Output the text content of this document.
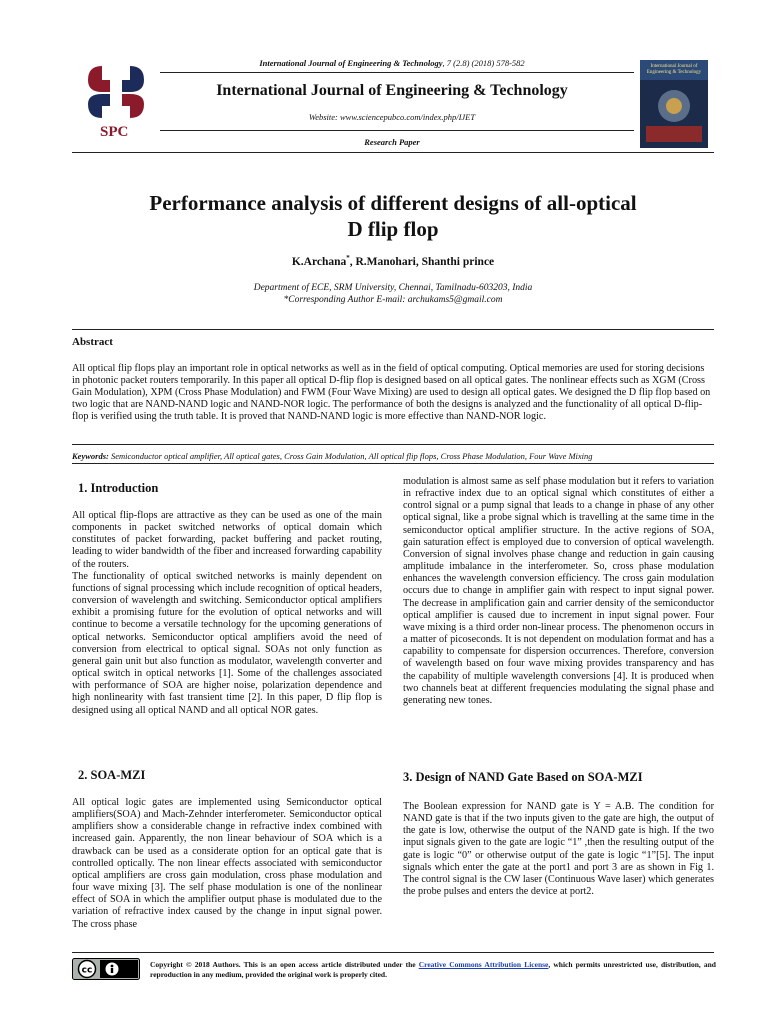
SPC
International Journal of Engineering & Technology
International Journal of Engineering & Technology, 7 (2.8) (2018) 578-582
International Journal of Engineering & Technology
Website: www.sciencepubco.com/index.php/IJET
Research Paper
Performance analysis of different designs of all-optical
D flip flop
K.Archana*, R.Manohari, Shanthi prince
Department of ECE, SRM University, Chennai, Tamilnadu-603203, India
*Corresponding Author E-mail: archukams5@gmail.com
Abstract
All optical flip flops play an important role in optical networks as well as in the field of optical computing. Optical memories are used for storing decisions in photonic packet routers temporarily. In this paper all optical D-flip flop is designed based on all optical gates. The nonlinear effects such as XGM (Cross Gain Modulation), XPM (Cross Phase Modulation) and FWM (Four Wave Mixing) are used to design all optical gates. We designed the D flip flop based on two logic that are NAND-NAND logic and NAND-NOR logic. The performance of both the designs is analyzed and the functionality of all optical D-flip-flop is verified using the truth table. It is proved that NAND-NAND logic is more effective than NAND-NOR logic.
Keywords: Semiconductor optical amplifier, All optical gates, Cross Gain Modulation, All optical flip flops, Cross Phase Modulation, Four Wave Mixing
1. Introduction

All optical flip-flops are attractive as they can be used as one of the main components in packet switched networks of optical domain which constitutes of packet forwarding, packet buffering and packet routing, leading to wider bandwidth of the fiber and increased forwarding capability of the routers.

The functionality of optical switched networks is mainly dependent on functions of signal processing which include recognition of optical headers, conversion of wavelength and switching. Semiconductor optical amplifiers exhibit a promising future for the evolution of optical networks and will continue to become a versatile technology for the upcoming generations of optical networks. Semiconductor optical amplifiers avoid the need of conversion from electrical to optical signal. SOAs not only function as general gain unit but also function as modulator, wavelength converter and optical switch in optical networks [1]. Some of the challenges associated with performance of SOA are higher noise, polarization dependence and high nonlinearity with fast transient time [2]. In this paper, D flip flop is designed using all optical NAND and all optical NOR gates.

2. SOA-MZI
All optical logic gates are implemented using Semiconductor optical amplifiers(SOA) and Mach-Zehnder interferometer. Semiconductor optical amplifiers show a considerable change in refractive index combined with increased gain. Apparently, the non linear behaviour of SOA which is a drawback can be used as a considerate option for an optical gate that is controlled optically. The non linear effects associated with semiconductor optical amplifiers are cross gain modulation, cross phase modulation and four wave mixing [3]. The self phase modulation is one of the nonlinear effect of SOA in which the amplifier output phase is modulated due to the variation of refractive index caused by the change in input signal power. The cross phase
modulation is almost same as self phase modulation but it refers to variation in refractive index due to an optical signal which constitutes of either a control signal or a pump signal that leads to a change in phase of any other optical signal, like a probe signal which is travelling at the same time in the semiconductor optical amplifier structure. In the active regions of SOA, gain saturation effect is employed due to conversion of optical wavelength. Conversion of signal involves phase change and reduction in gain causing amplitude imbalance in the interferometer. So, cross phase modulation enhances the wavelength conversion efficiency. The cross gain modulation occurs due to change in amplifier gain with respect to input signal power. The decrease in amplification gain and carrier density of the semiconductor optical amplifier is caused due to increment in input signal power. Four wave mixing is a third order non-linear process. The phenomenon occurs in a matter of picoseconds. It is not dependent on modulation format and has a capability to compensate for dispersion occurrences. Therefore, conversion of wavelength based on four wave mixing provides transparency and has the capability of multiple wavelength conversions [4]. It is produced when two channels beat at different frequencies modulating the signal phase and generating new tones.
3. Design of NAND Gate Based on SOA-MZI
The Boolean expression for NAND gate is Y = A.B. The condition for NAND gate is that if the two inputs given to the gate are high, the output of the gate is low, otherwise the output of the NAND gate is high. If the two input signals given to the gate are logic “1” ,then the resulting output of the gate is logic “0” or otherwise output of the gate is logic “1”[5]. The input signals which enter the gate at the port1 and port 3 are as shown in Fig 1. The control signal is the CW laser (Continuous Wave laser) which generates the probe pulses and enters the device at port2.
cc
Copyright © 2018 Authors. This is an open access article distributed under the Creative Commons Attribution License, which permits unrestricted use, distribution, and reproduction in any medium, provided the original work is properly cited.
